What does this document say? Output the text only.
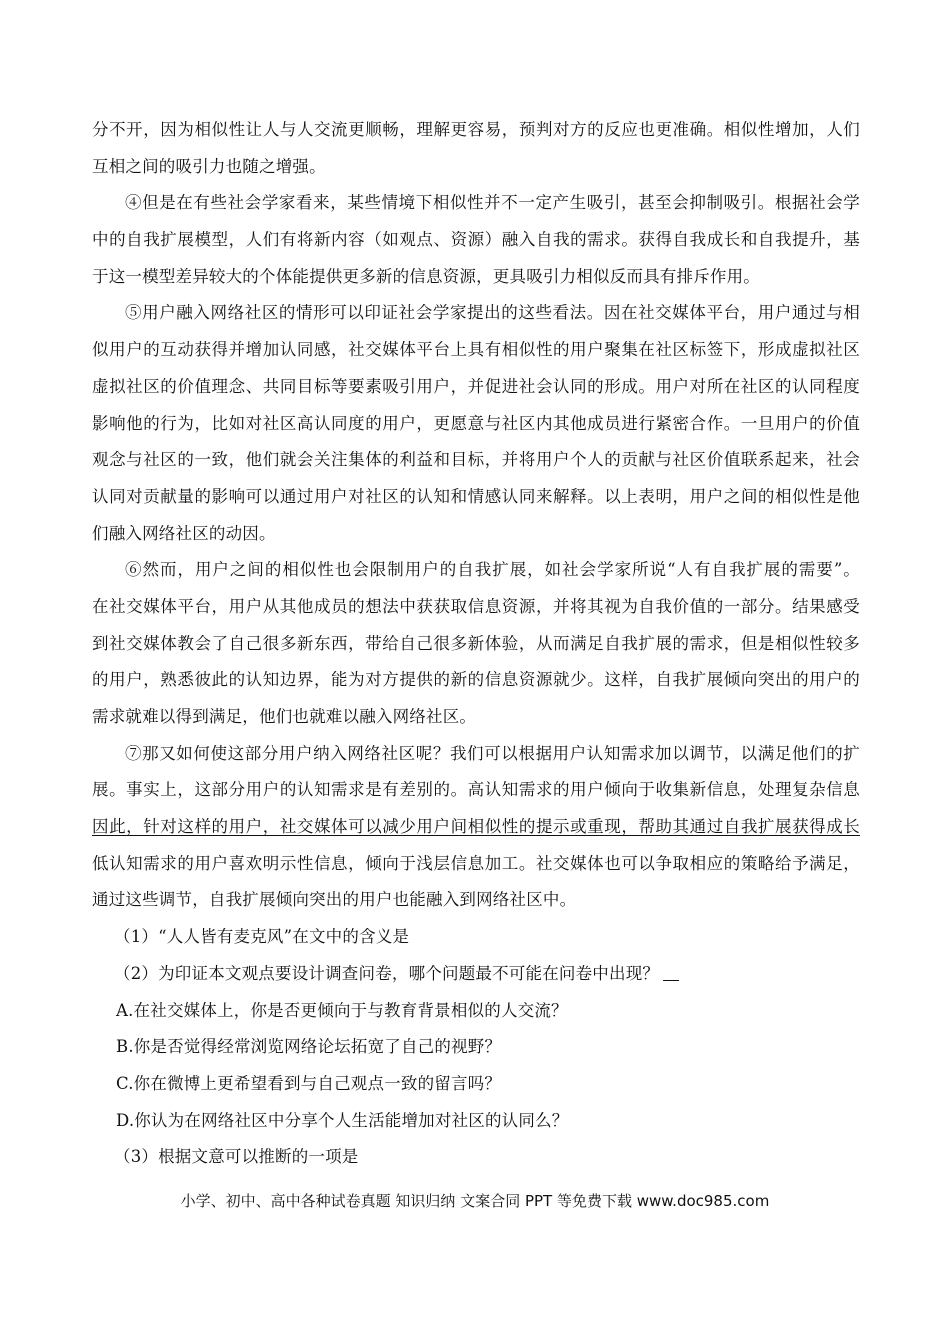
分不开，因为相似性让人与人交流更顺畅，理解更容易，预判对方的反应也更准确。相似性增加，人们
互相之间的吸引力也随之增强。
④但是在有些社会学家看来，某些情境下相似性并不一定产生吸引，甚至会抑制吸引。根据社会学
中的自我扩展模型，人们有将新内容（如观点、资源）融入自我的需求。获得自我成长和自我提升，基
于这一模型差异较大的个体能提供更多新的信息资源，更具吸引力相似反而具有排斥作用。
⑤用户融入网络社区的情形可以印证社会学家提出的这些看法。因在社交媒体平台，用户通过与相
似用户的互动获得并增加认同感，社交媒体平台上具有相似性的用户聚集在社区标签下，形成虚拟社区
虚拟社区的价值理念、共同目标等要素吸引用户，并促进社会认同的形成。用户对所在社区的认同程度
影响他的行为，比如对社区高认同度的用户，更愿意与社区内其他成员进行紧密合作。一旦用户的价值
观念与社区的一致，他们就会关注集体的利益和目标，并将用户个人的贡献与社区价值联系起来，社会
认同对贡献量的影响可以通过用户对社区的认知和情感认同来解释。以上表明，用户之间的相似性是他
们融入网络社区的动因。
⑥然而，用户之间的相似性也会限制用户的自我扩展，如社会学家所说“人有自我扩展的需要”。
在社交媒体平台，用户从其他成员的想法中获获取信息资源，并将其视为自我价值的一部分。结果感受
到社交媒体教会了自己很多新东西，带给自己很多新体验，从而满足自我扩展的需求，但是相似性较多
的用户，熟悉彼此的认知边界，能为对方提供的新的信息资源就少。这样，自我扩展倾向突出的用户的
需求就难以得到满足，他们也就难以融入网络社区。
⑦那又如何使这部分用户纳入网络社区呢？我们可以根据用户认知需求加以调节，以满足他们的扩
展。事实上，这部分用户的认知需求是有差别的。高认知需求的用户倾向于收集新信息，处理复杂信息
因此，针对这样的用户，社交媒体可以减少用户间相似性的提示或重现，帮助其通过自我扩展获得成长
低认知需求的用户喜欢明示性信息，倾向于浅层信息加工。社交媒体也可以争取相应的策略给予满足，
通过这些调节，自我扩展倾向突出的用户也能融入到网络社区中。
（1）“人人皆有麦克风”在文中的含义是
（2）为印证本文观点要设计调查问卷，哪个问题最不可能在问卷中出现？
A.在社交媒体上，你是否更倾向于与教育背景相似的人交流？
B.你是否觉得经常浏览网络论坛拓宽了自己的视野？
C.你在微博上更希望看到与自己观点一致的留言吗？
D.你认为在网络社区中分享个人生活能增加对社区的认同么？
（3）根据文意可以推断的一项是
小学、初中、高中各种试卷真题 知识归纳 文案合同 PPT 等免费下载 www.doc985.com
